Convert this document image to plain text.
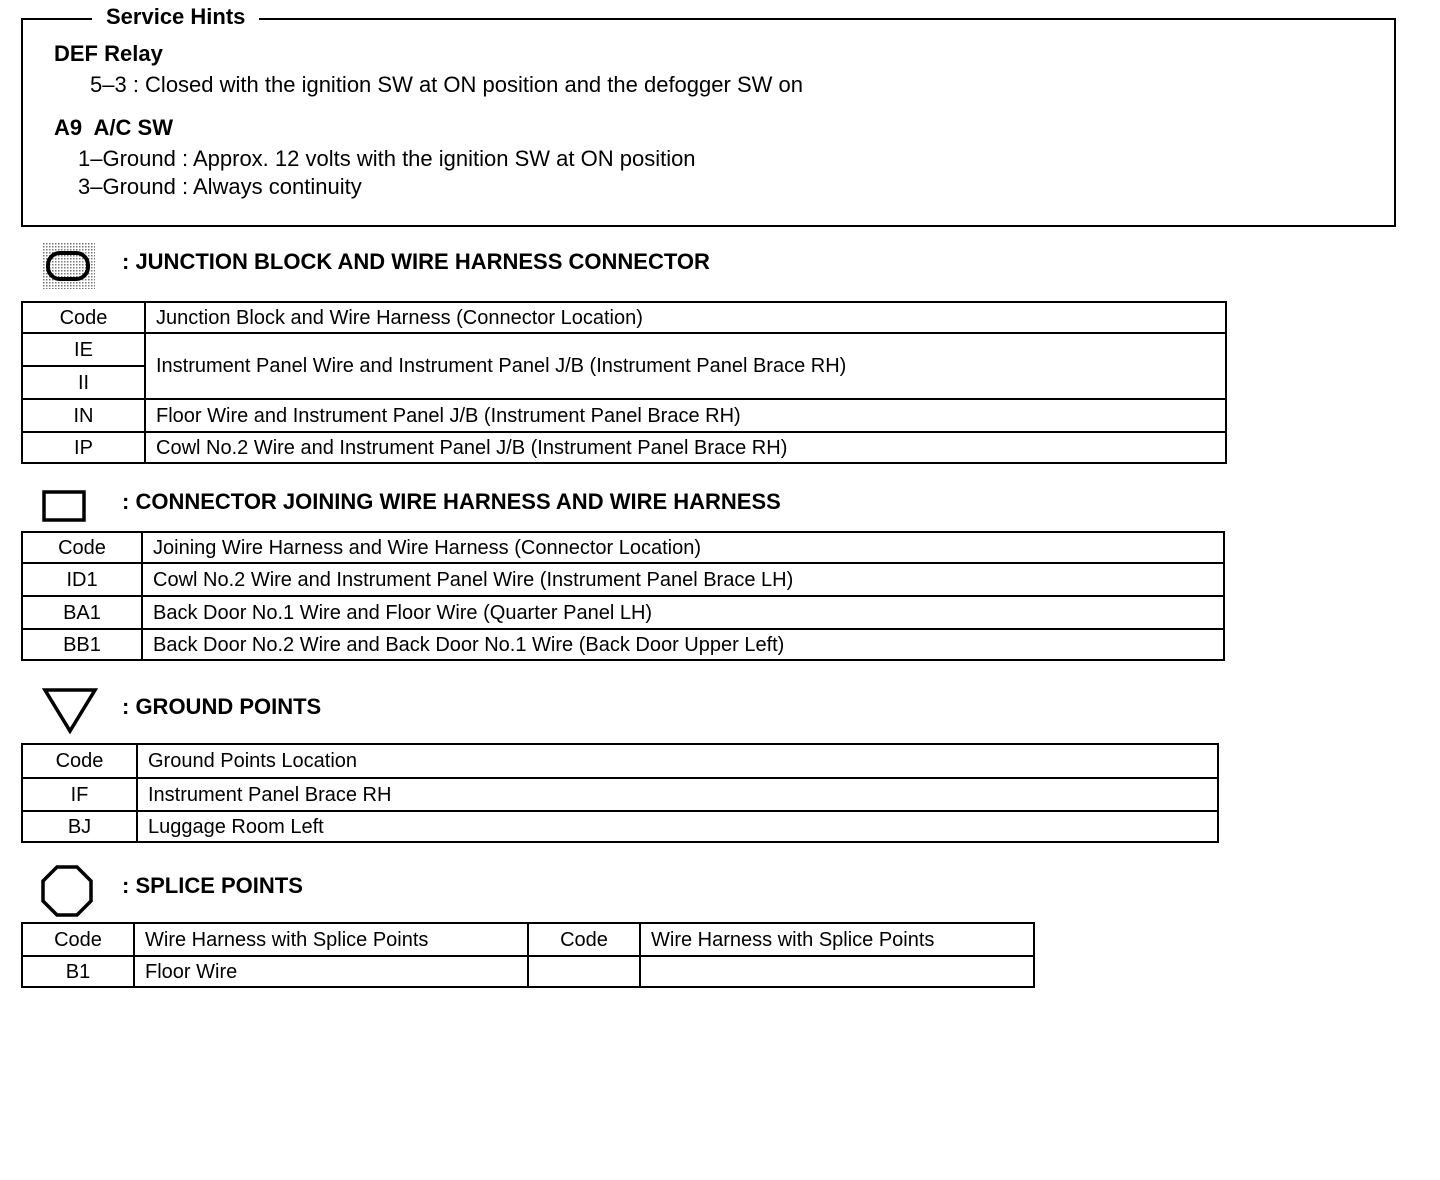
Service Hints
DEF Relay
5–3 : Closed with the ignition SW at ON position and the defogger SW on
A9  A/C SW
1–Ground : Approx. 12 volts with the ignition SW at ON position
3–Ground : Always continuity
: JUNCTION BLOCK AND WIRE HARNESS CONNECTOR
Code	Junction Block and Wire Harness (Connector Location)
IE	Instrument Panel Wire and Instrument Panel J/B (Instrument Panel Brace RH)
II	
IN	Floor Wire and Instrument Panel J/B (Instrument Panel Brace RH)
IP	Cowl No.2 Wire and Instrument Panel J/B (Instrument Panel Brace RH)
: CONNECTOR JOINING WIRE HARNESS AND WIRE HARNESS
Code	Joining Wire Harness and Wire Harness (Connector Location)
ID1	Cowl No.2 Wire and Instrument Panel Wire (Instrument Panel Brace LH)
BA1	Back Door No.1 Wire and Floor Wire (Quarter Panel LH)
BB1	Back Door No.2 Wire and Back Door No.1 Wire (Back Door Upper Left)
: GROUND POINTS
Code	Ground Points Location
IF	Instrument Panel Brace RH
BJ	Luggage Room Left
: SPLICE POINTS
Code	Wire Harness with Splice Points	Code	Wire Harness with Splice Points
B1	Floor Wire		
